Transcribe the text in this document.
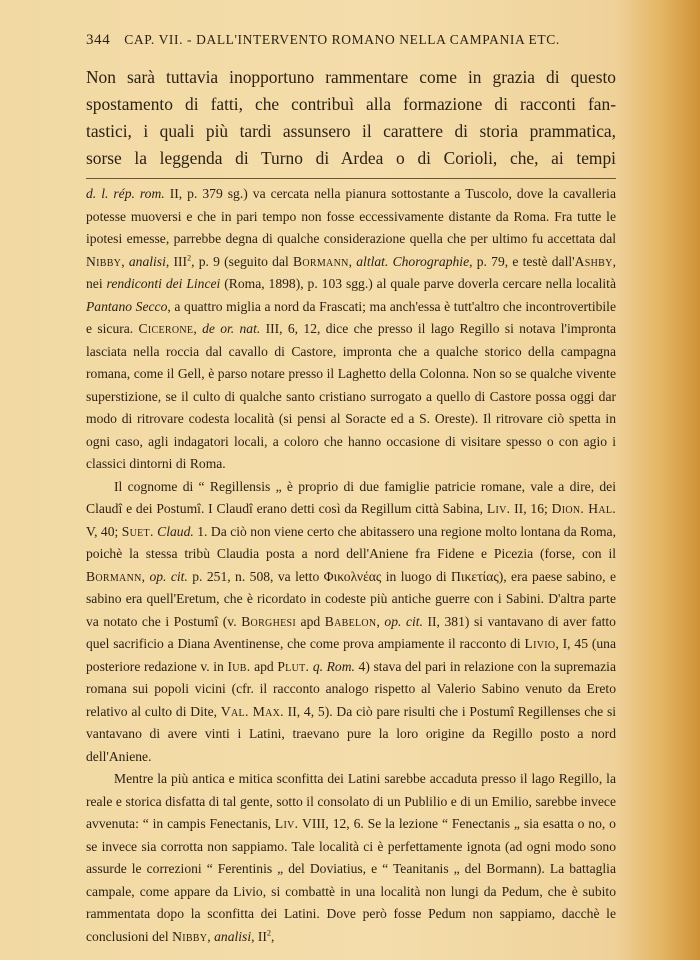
344 CAP. VII. - DALL'INTERVENTO ROMANO NELLA CAMPANIA ETC.
Non sarà tuttavia inopportuno rammentare come in grazia di questo
spostamento di fatti, che contribuì alla formazione di racconti fan-
tastici, i quali più tardi assunsero il carattere di storia prammatica,
sorse la leggenda di Turno di Ardea o di Corioli, che, ai tempi

d. l. rép. rom. II, p. 379 sg.) va cercata nella pianura sottostante a Tuscolo, dove la cavalleria potesse muoversi e che in pari tempo non fosse eccessivamente distante da Roma. Fra tutte le ipotesi emesse, parrebbe degna di qualche considerazione quella che per ultimo fu accettata dal Nibby, analisi, III$^2$, p. 9 (seguito dal Bormann, altlat. Chorographie, p. 79, e testè dall'Ashby, nei rendiconti dei Lincei (Roma, 1898), p. 103 sgg.) al quale parve doverla cercare nella località Pantano Secco, a quattro miglia a nord da Frascati; ma anch'essa è tutt'altro che incontrovertibile e sicura. Cicerone, de or. nat. III, 6, 12, dice che presso il lago Regillo si notava l'impronta lasciata nella roccia dal cavallo di Castore, impronta che a qualche storico della campagna romana, come il Gell, è parso notare presso il Laghetto della Colonna. Non so se qualche vivente superstizione, se il culto di qualche santo cristiano surrogato a quello di Castore possa oggi dar modo di ritrovare codesta località (si pensi al Soracte ed a S. Oreste). Il ritrovare ciò spetta in ogni caso, agli indagatori locali, a coloro che hanno occasione di visitare spesso o con agio i classici dintorni di Roma.

Il cognome di “ Regillensis „ è proprio di due famiglie patricie romane, vale a dire, dei Claudî e dei Postumî. I Claudî erano detti così da Regillum città Sabina, Liv. II, 16; Dion. Hal. V, 40; Suet. Claud. 1. Da ciò non viene certo che abitassero una regione molto lontana da Roma, poichè la stessa tribù Claudia posta a nord dell'Aniene fra Fidene e Picezia (forse, con il Bormann, op. cit. p. 251, n. 508, va letto Φικολνέας in luogo di Πικετίας), era paese sabino, e sabino era quell'Eretum, che è ricordato in codeste più antiche guerre con i Sabini. D'altra parte va notato che i Postumî (v. Borghesi apd Babelon, op. cit. II, 381) si vantavano di aver fatto quel sacrificio a Diana Aventinense, che come prova ampiamente il racconto di Livio, I, 45 (una posteriore redazione v. in Iub. apd Plut. q. Rom. 4) stava del pari in relazione con la supremazia romana sui popoli vicini (cfr. il racconto analogo rispetto al Valerio Sabino venuto da Ereto relativo al culto di Dite, Val. Max. II, 4, 5). Da ciò pare risulti che i Postumî Regillenses che si vantavano di avere vinti i Latini, traevano pure la loro origine da Regillo posto a nord dell'Aniene.

Mentre la più antica e mitica sconfitta dei Latini sarebbe accaduta presso il lago Regillo, la reale e storica disfatta di tal gente, sotto il consolato di un Publilio e di un Emilio, sarebbe invece avvenuta: “ in campis Fenectanis, Liv. VIII, 12, 6. Se la lezione “ Fenectanis „ sia esatta o no, o se invece sia corrotta non sappiamo. Tale località ci è perfettamente ignota (ad ogni modo sono assurde le correzioni “ Ferentinis „ del Doviatius, e “ Teanitanis „ del Bormann). La battaglia campale, come appare da Livio, si combattè in una località non lungi da Pedum, che è subito rammentata dopo la sconfitta dei Latini. Dove però fosse Pedum non sappiamo, dacchè le conclusioni del Nibby, analisi, $II^2$,
